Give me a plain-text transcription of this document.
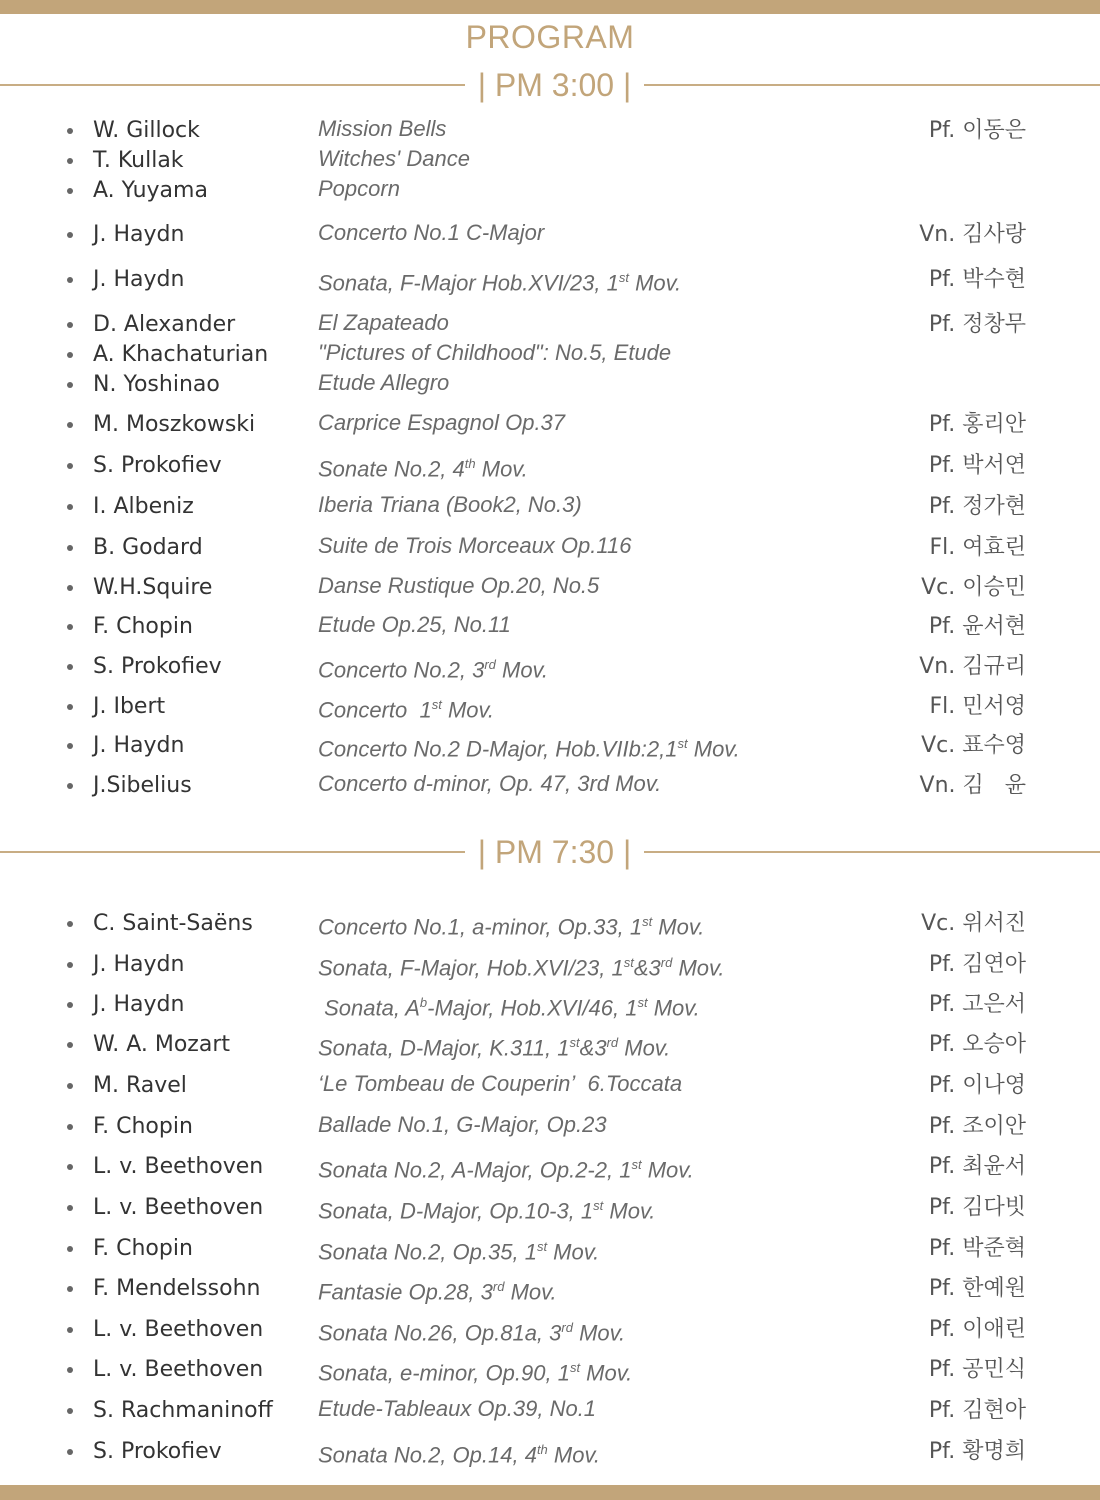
PROGRAM
| PM 3:00 |
W. Gillock	Mission Bells	Pf. 이동은
T. Kullak	Witches' Dance
A. Yuyama	Popcorn
J. Haydn	Concerto No.1 C-Major	Vn. 김사랑
J. Haydn	Sonata, F-Major Hob.XVI/23, 1st Mov.	Pf. 박수현
D. Alexander	El Zapateado	Pf. 정창무
A. Khachaturian "Pictures of Childhood": No.5, Etude
N. Yoshinao	Etude Allegro
M. Moszkowski	Carprice Espagnol Op.37	Pf. 홍리안
S. Prokofiev	Sonate No.2, 4th Mov.	Pf. 박서연
I. Albeniz	Iberia Triana (Book2, No.3)	Pf. 정가현
B. Godard	Suite de Trois Morceaux Op.116	Fl. 여효린
W.H.Squire	Danse Rustique Op.20, No.5	Vc. 이승민
F. Chopin	Etude Op.25, No.11	Pf. 윤서현
S. Prokofiev	Concerto No.2, 3rd Mov.	Vn. 김규리
J. Ibert	Concerto  1st Mov.	Fl. 민서영
J. Haydn	Concerto No.2 D-Major, Hob.VIIb:2,1st Mov.	Vc. 표수영
J.Sibelius	Concerto d-minor, Op. 47, 3rd Mov.	Vn. 김   윤
| PM 7:30 |
C. Saint-Saëns	Concerto No.1, a-minor, Op.33, 1st Mov.	Vc. 위서진
J. Haydn	Sonata, F-Major, Hob.XVI/23, 1st&3rd Mov.	Pf. 김연아
J. Haydn	Sonata, $A^b$-Major, Hob.XVI/46, 1st Mov.	Pf. 고은서
W. A. Mozart	Sonata, D-Major, K.311, 1st&3rd Mov.	Pf. 오승아
M. Ravel	‘Le Tombeau de Couperin’  6.Toccata	Pf. 이나영
F. Chopin	Ballade No.1, G-Major, Op.23	Pf. 조이안
L. v. Beethoven Sonata No.2, A-Major, Op.2-2, 1st Mov.	Pf. 최윤서
L. v. Beethoven Sonata, D-Major, Op.10-3, 1st Mov.	Pf. 김다빗
F. Chopin	Sonata No.2, Op.35, 1st Mov.	Pf. 박준혁
F. Mendelssohn	Fantasie Op.28, 3rd Mov.	Pf. 한예원
L. v. Beethoven Sonata No.26, Op.81a, 3rd Mov.	Pf. 이애린
L. v. Beethoven Sonata, e-minor, Op.90, 1st Mov.	Pf. 공민식
S. Rachmaninoff Etude-Tableaux Op.39, No.1	Pf. 김현아
S. Prokofiev	Sonata No.2, Op.14, 4th Mov.	Pf. 황명희
